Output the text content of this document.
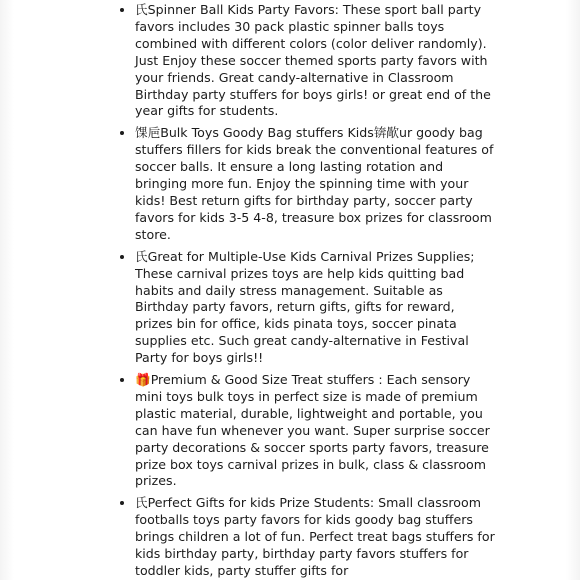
• 氏Spinner Ball Kids Party Favors: These sport ball party favors includes 30 pack plastic spinner balls toys combined with different colors (color deliver randomly). Just Enjoy these soccer themed sports party favors with your friends. Great candy-alternative in Classroom Birthday party stuffers for boys girls! or great end of the year gifts for students.
• 馃巵Bulk Toys Goody Bag stuffers Kids锛歄ur goody bag stuffers fillers for kids break the conventional features of soccer balls. It ensure a long lasting rotation and bringing more fun. Enjoy the spinning time with your kids! Best return gifts for birthday party, soccer party favors for kids 3-5 4-8, treasure box prizes for classroom store.
• 氏Great for Multiple-Use Kids Carnival Prizes Supplies; These carnival prizes toys are help kids quitting bad habits and daily stress management. Suitable as Birthday party favors, return gifts, gifts for reward, prizes bin for office, kids pinata toys, soccer pinata supplies etc. Such great candy-alternative in Festival Party for boys girls!!
• 🎁Premium & Good Size Treat stuffers : Each sensory mini toys bulk toys in perfect size is made of premium plastic material, durable, lightweight and portable, you can have fun whenever you want. Super surprise soccer party decorations & soccer sports party favors, treasure prize box toys carnival prizes in bulk, class & classroom prizes.
• 氏Perfect Gifts for kids Prize Students: Small classroom footballs toys party favors for kids goody bag stuffers brings children a lot of fun. Perfect treat bags stuffers for kids birthday party, birthday party favors stuffers for toddler kids, party stuffer gifts for
